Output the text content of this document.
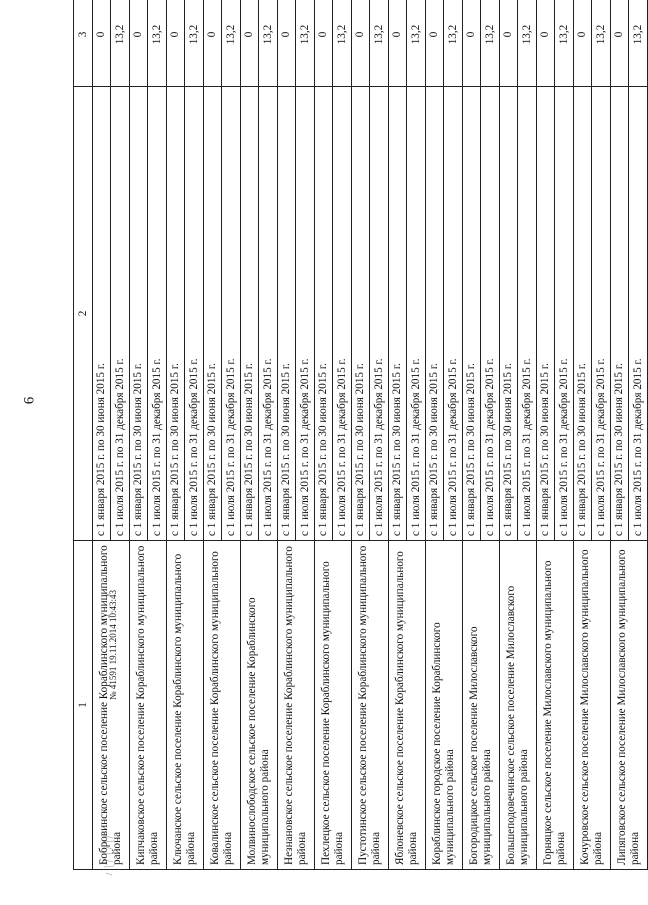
6
№ 41591 19.11.2014 10:43:43
1	2	3

Бобровинское сельское поселение Кораблинского муниципального района	с 1 января 2015 г. по 30 июня 2015 г.	0
	с 1 июля 2015 г. по 31 декабря 2015 г.	13,2

Кипчаковское сельское поселение Кораблинского муниципального района	с 1 января 2015 г. по 30 июня 2015 г.	0
	с 1 июля 2015 г. по 31 декабря 2015 г.	13,2

Ключанское сельское поселение Кораблинского муниципального района	с 1 января 2015 г. по 30 июня 2015 г.	0
	с 1 июля 2015 г. по 31 декабря 2015 г.	13,2

Ковалинское сельское поселение Кораблинского муниципального района	с 1 января 2015 г. по 30 июня 2015 г.	0
	с 1 июля 2015 г. по 31 декабря 2015 г.	13,2

Молвинослободское сельское поселение Кораблинского муниципального района	с 1 января 2015 г. по 30 июня 2015 г.	0
	с 1 июля 2015 г. по 31 декабря 2015 г.	13,2

Незнановское сельское поселение Кораблинского муниципального района	с 1 января 2015 г. по 30 июня 2015 г.	0
	с 1 июля 2015 г. по 31 декабря 2015 г.	13,2

Пехлецкое сельское поселение Кораблинского муниципального района	с 1 января 2015 г. по 30 июня 2015 г.	0
	с 1 июля 2015 г. по 31 декабря 2015 г.	13,2

Пустотинское сельское поселение Кораблинского муниципального района	с 1 января 2015 г. по 30 июня 2015 г.	0
	с 1 июля 2015 г. по 31 декабря 2015 г.	13,2

Яблоневское сельское поселение Кораблинского муниципального района	с 1 января 2015 г. по 30 июня 2015 г.	0
	с 1 июля 2015 г. по 31 декабря 2015 г.	13,2

Кораблинское городское поселение Кораблинского муниципального района	с 1 января 2015 г. по 30 июня 2015 г.	0
	с 1 июля 2015 г. по 31 декабря 2015 г.	13,2

Богородицкое сельское поселение Милославского муниципального района	с 1 января 2015 г. по 30 июня 2015 г.	0
	с 1 июля 2015 г. по 31 декабря 2015 г.	13,2

Большеподовечинское сельское поселение Милославского муниципального района	с 1 января 2015 г. по 30 июня 2015 г.	0
	с 1 июля 2015 г. по 31 декабря 2015 г.	13,2

Горняцкое сельское поселение Милославского муниципального района	с 1 января 2015 г. по 30 июня 2015 г.	0
	с 1 июля 2015 г. по 31 декабря 2015 г.	13,2

Кочуровское сельское поселение Милославского муниципального района	с 1 января 2015 г. по 30 июня 2015 г.	0
	с 1 июля 2015 г. по 31 декабря 2015 г.	13,2

Липяговское сельское поселение Милославского муниципального района	с 1 января 2015 г. по 30 июня 2015 г.	0
	с 1 июля 2015 г. по 31 декабря 2015 г.	13,2
